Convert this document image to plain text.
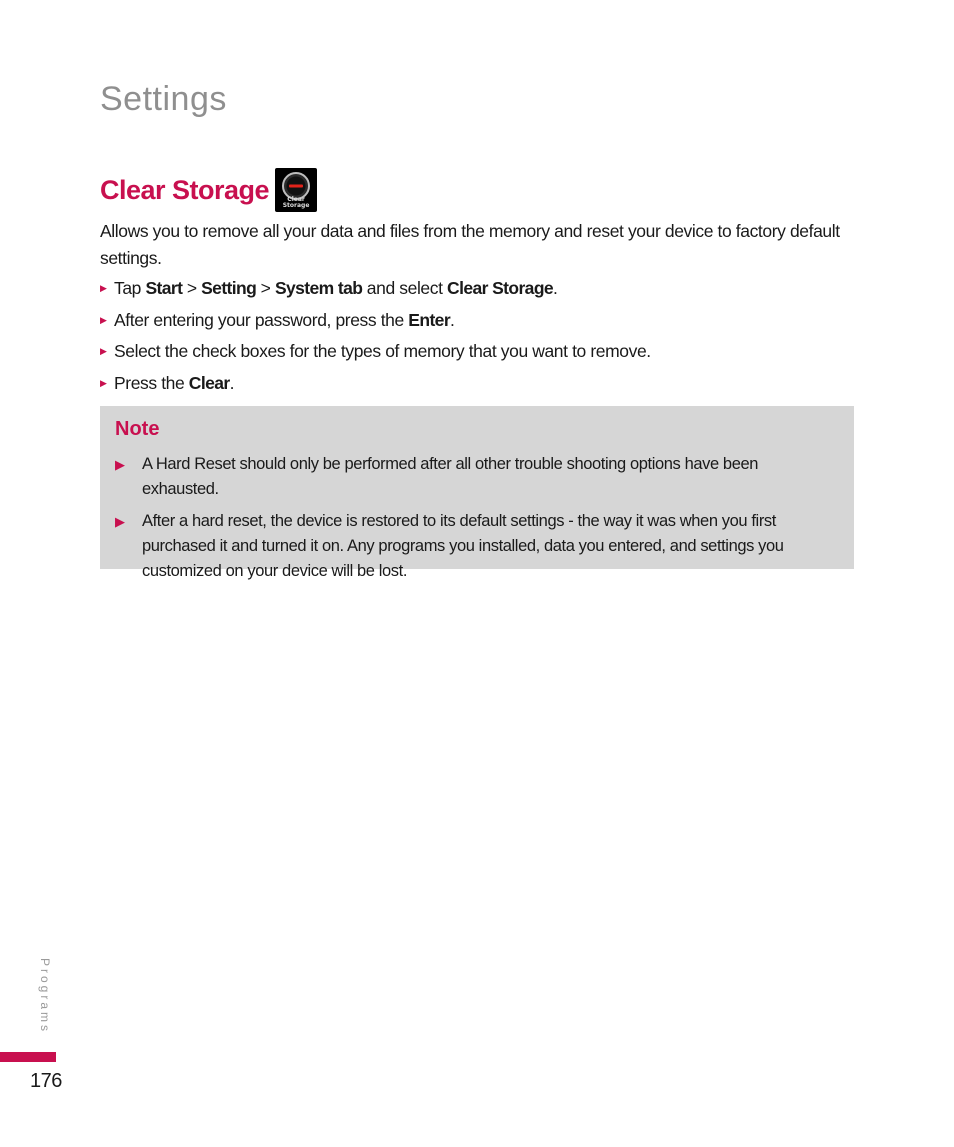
Settings
Clear Storage	Clear
Storage

Allows you to remove all your data and files from the memory and reset your device to factory default settings.

▶ Tap Start > Setting > System tab and select Clear Storage.
▶ After entering your password, press the Enter.
▶ Select the check boxes for the types of memory that you want to remove.
▶ Press the Clear.
Note
▶	A Hard Reset should only be performed after all other trouble shooting options have been exhausted.
▶	After a hard reset, the device is restored to its default settings - the way it was when you first purchased it and turned it on. Any programs you installed, data you entered, and settings you customized on your device will be lost.
Programs
176
